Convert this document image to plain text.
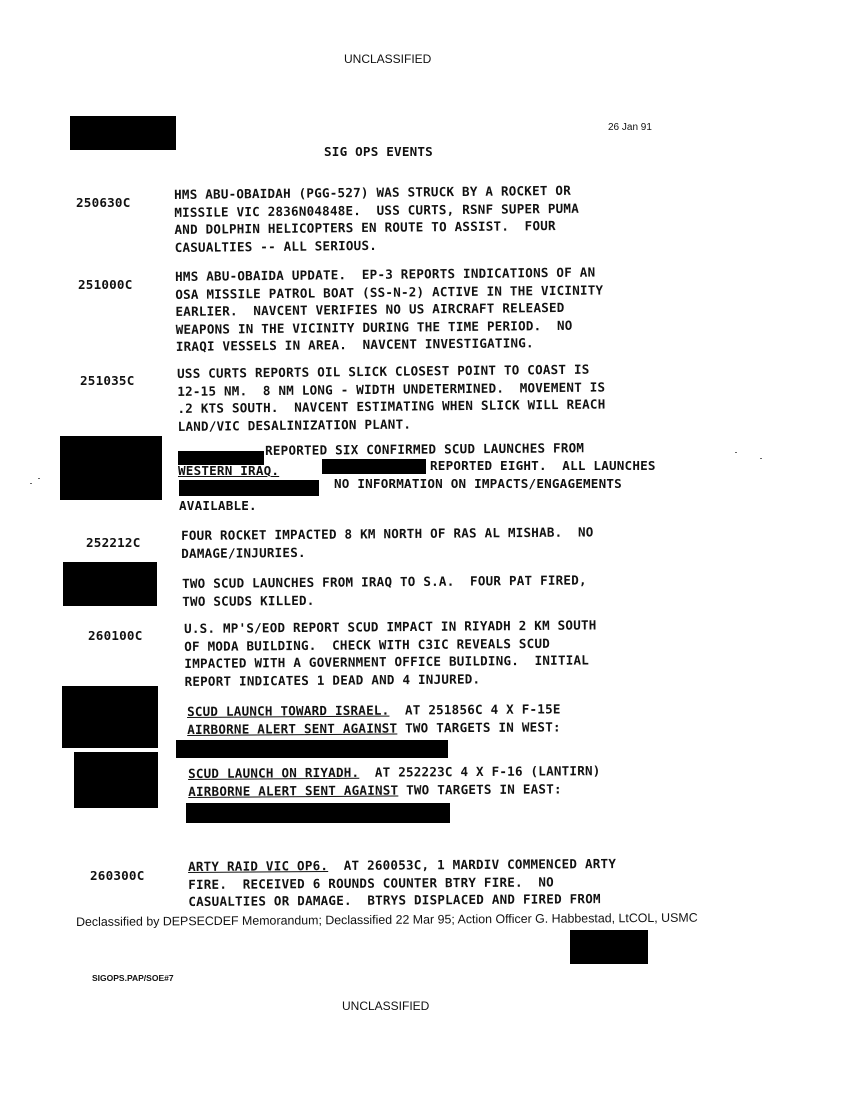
UNCLASSIFIED
26 Jan 91
SIG OPS EVENTS
250630C
HMS ABU-OBAIDAH (PGG-527) WAS STRUCK BY A ROCKET OR
MISSILE VIC 2836N04848E.  USS CURTS, RSNF SUPER PUMA
AND DOLPHIN HELICOPTERS EN ROUTE TO ASSIST.  FOUR
CASUALTIES -- ALL SERIOUS.
251000C
HMS ABU-OBAIDA UPDATE.  EP-3 REPORTS INDICATIONS OF AN
OSA MISSILE PATROL BOAT (SS-N-2) ACTIVE IN THE VICINITY
EARLIER.  NAVCENT VERIFIES NO US AIRCRAFT RELEASED
WEAPONS IN THE VICINITY DURING THE TIME PERIOD.  NO
IRAQI VESSELS IN AREA.  NAVCENT INVESTIGATING.
251035C	USS CURTS REPORTS OIL SLICK CLOSEST POINT TO COAST IS
12-15 NM.  8 NM LONG - WIDTH UNDETERMINED.  MOVEMENT IS
.2 KTS SOUTH.  NAVCENT ESTIMATING WHEN SLICK WILL REACH
LAND/VIC DESALINIZATION PLANT.
REPORTED SIX CONFIRMED SCUD LAUNCHES FROM
WESTERN IRAQ.	REPORTED EIGHT.  ALL LAUNCHES
NO INFORMATION ON IMPACTS/ENGAGEMENTS
AVAILABLE.
252212C	FOUR ROCKET IMPACTED 8 KM NORTH OF RAS AL MISHAB.  NO
DAMAGE/INJURIES.
TWO SCUD LAUNCHES FROM IRAQ TO S.A.  FOUR PAT FIRED,
TWO SCUDS KILLED.
260100C	U.S. MP'S/EOD REPORT SCUD IMPACT IN RIYADH 2 KM SOUTH
OF MODA BUILDING.  CHECK WITH C3IC REVEALS SCUD
IMPACTED WITH A GOVERNMENT OFFICE BUILDING.  INITIAL
REPORT INDICATES 1 DEAD AND 4 INJURED.
SCUD LAUNCH TOWARD ISRAEL.  AT 251856C 4 X F-15E
AIRBORNE ALERT SENT AGAINST TWO TARGETS IN WEST:
SCUD LAUNCH ON RIYADH.  AT 252223C 4 X F-16 (LANTIRN)
AIRBORNE ALERT SENT AGAINST TWO TARGETS IN EAST:
260300C
ARTY RAID VIC OP6.  AT 260053C, 1 MARDIV COMMENCED ARTY
FIRE.  RECEIVED 6 ROUNDS COUNTER BTRY FIRE.  NO
CASUALTIES OR DAMAGE.  BTRYS DISPLACED AND FIRED FROM
Declassified by DEPSECDEF Memorandum; Declassified 22 Mar 95; Action Officer G. Habbestad, LtCOL, USMC
SIGOPS.PAP/SOE#7
UNCLASSIFIED
